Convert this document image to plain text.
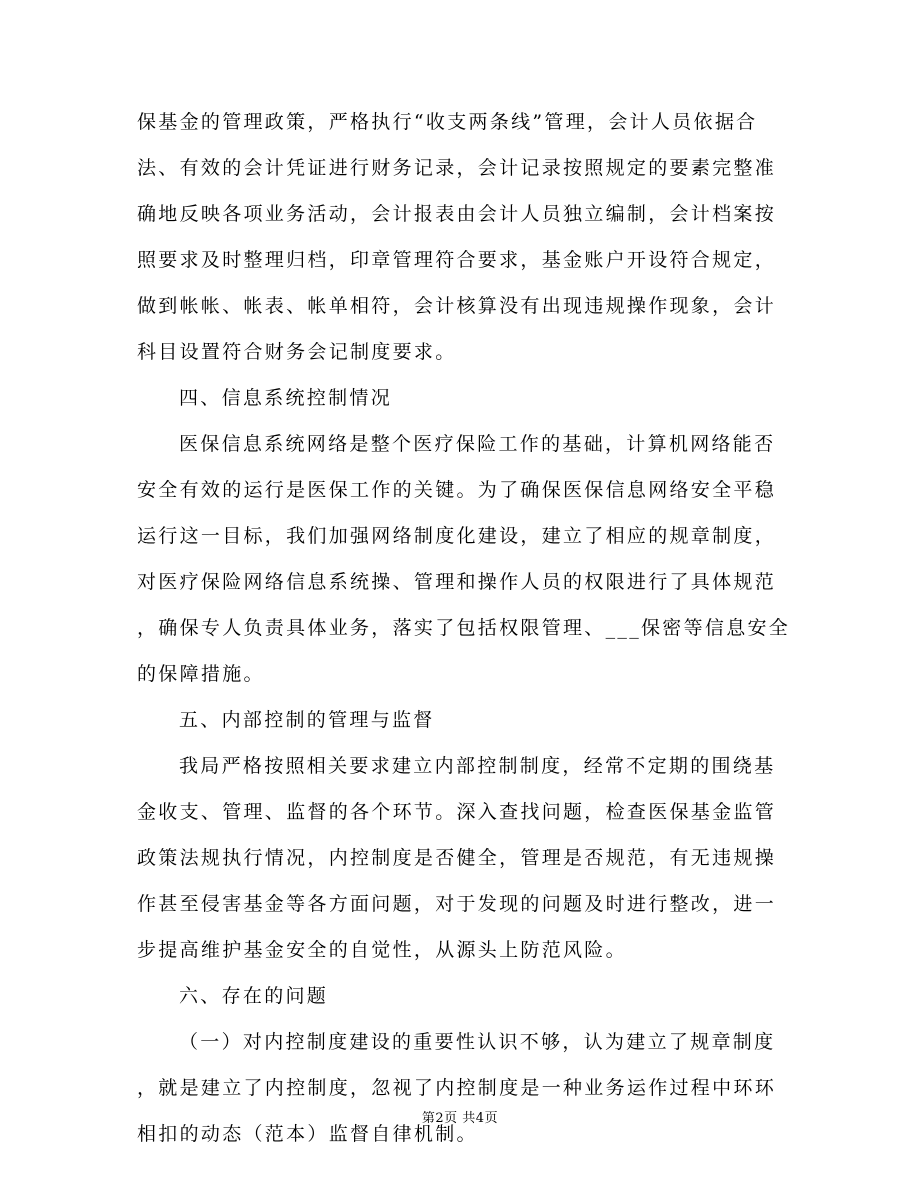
保基金的管理政策，严格执行“收支两条线”管理，会计人员依据合
法、有效的会计凭证进行财务记录，会计记录按照规定的要素完整准
确地反映各项业务活动，会计报表由会计人员独立编制，会计档案按
照要求及时整理归档，印章管理符合要求，基金账户开设符合规定，
做到帐帐、帐表、帐单相符，会计核算没有出现违规操作现象，会计
科目设置符合财务会记制度要求。
四、信息系统控制情况
医保信息系统网络是整个医疗保险工作的基础，计算机网络能否
安全有效的运行是医保工作的关键。为了确保医保信息网络安全平稳
运行这一目标，我们加强网络制度化建设，建立了相应的规章制度，
对医疗保险网络信息系统操、管理和操作人员的权限进行了具体规范
，确保专人负责具体业务，落实了包括权限管理、___保密等信息安全
的保障措施。
五、内部控制的管理与监督
我局严格按照相关要求建立内部控制制度，经常不定期的围绕基
金收支、管理、监督的各个环节。深入查找问题，检查医保基金监管
政策法规执行情况，内控制度是否健全，管理是否规范，有无违规操
作甚至侵害基金等各方面问题，对于发现的问题及时进行整改，进一
步提高维护基金安全的自觉性，从源头上防范风险。
六、存在的问题
（一）对内控制度建设的重要性认识不够，认为建立了规章制度
，就是建立了内控制度，忽视了内控制度是一种业务运作过程中环环
相扣的动态（范本）监督自律机制。
第2页 共4页
